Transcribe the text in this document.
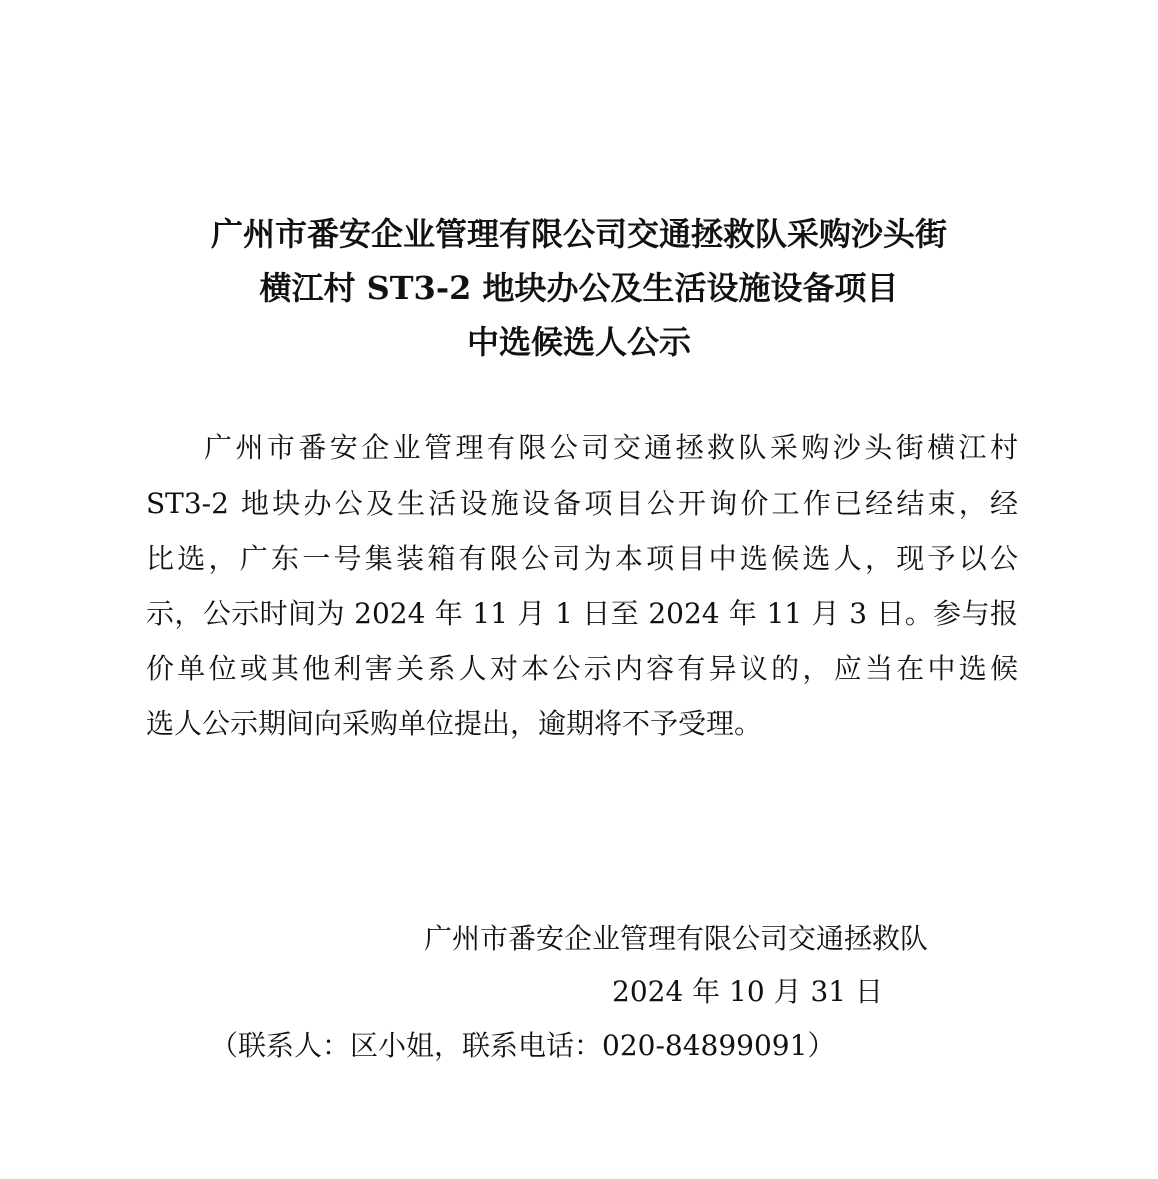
广州市番安企业管理有限公司交通拯救队采购沙头街
横江村 ST3-2 地块办公及生活设施设备项目
中选候选人公示
广州市番安企业管理有限公司交通拯救队采购沙头街横江村
ST3-2 地块办公及生活设施设备项目公开询价工作已经结束，经
比选，广东一号集装箱有限公司为本项目中选候选人，现予以公
示，公示时间为 2024 年 11 月 1 日至 2024 年 11 月 3 日。参与报
价单位或其他利害关系人对本公示内容有异议的，应当在中选候
选人公示期间向采购单位提出，逾期将不予受理。
广州市番安企业管理有限公司交通拯救队
2024 年 10 月 31 日
（联系人：区小姐，联系电话：020-84899091）
